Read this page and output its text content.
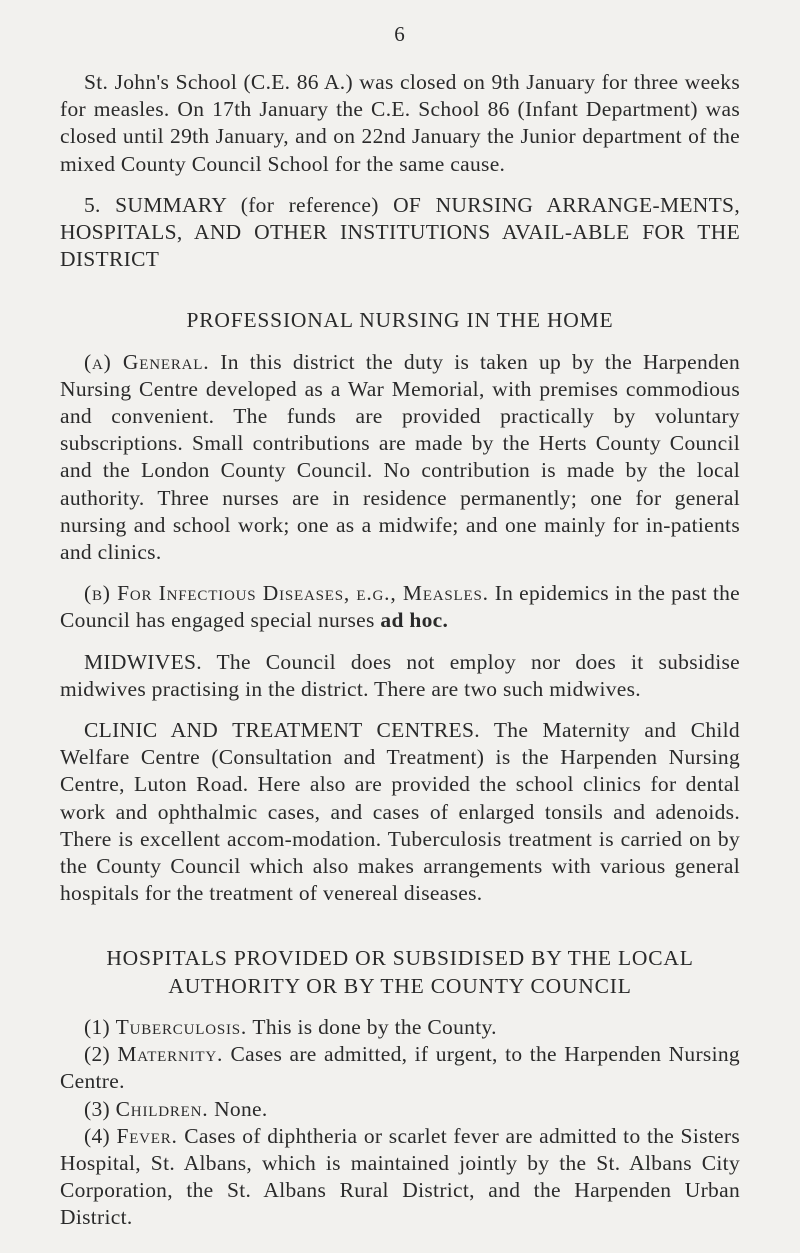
6

St. John's School (C.E. 86 A.) was closed on 9th January for three weeks for measles. On 17th January the C.E. School 86 (Infant Department) was closed until 29th January, and on 22nd January the Junior department of the mixed County Council School for the same cause.

5. SUMMARY (for reference) OF NURSING ARRANGE-MENTS, HOSPITALS, AND OTHER INSTITUTIONS AVAIL-ABLE FOR THE DISTRICT

PROFESSIONAL NURSING IN THE HOME

(a) General. In this district the duty is taken up by the Harpenden Nursing Centre developed as a War Memorial, with premises commodious and convenient. The funds are provided practically by voluntary subscriptions. Small contributions are made by the Herts County Council and the London County Council. No contribution is made by the local authority. Three nurses are in residence permanently; one for general nursing and school work; one as a midwife; and one mainly for in-patients and clinics.

(b) For Infectious Diseases, e.g., Measles. In epidemics in the past the Council has engaged special nurses ad hoc.

MIDWIVES. The Council does not employ nor does it subsidise midwives practising in the district. There are two such midwives.

CLINIC AND TREATMENT CENTRES. The Maternity and Child Welfare Centre (Consultation and Treatment) is the Harpenden Nursing Centre, Luton Road. Here also are provided the school clinics for dental work and ophthalmic cases, and cases of enlarged tonsils and adenoids. There is excellent accom-modation. Tuberculosis treatment is carried on by the County Council which also makes arrangements with various general hospitals for the treatment of venereal diseases.

HOSPITALS PROVIDED OR SUBSIDISED BY THE LOCAL AUTHORITY OR BY THE COUNTY COUNCIL

(1) Tuberculosis. This is done by the County.

(2) Maternity. Cases are admitted, if urgent, to the Harpenden Nursing Centre.

(3) Children. None.

(4) Fever. Cases of diphtheria or scarlet fever are admitted to the Sisters Hospital, St. Albans, which is maintained jointly by the St. Albans City Corporation, the St. Albans Rural District, and the Harpenden Urban District.
